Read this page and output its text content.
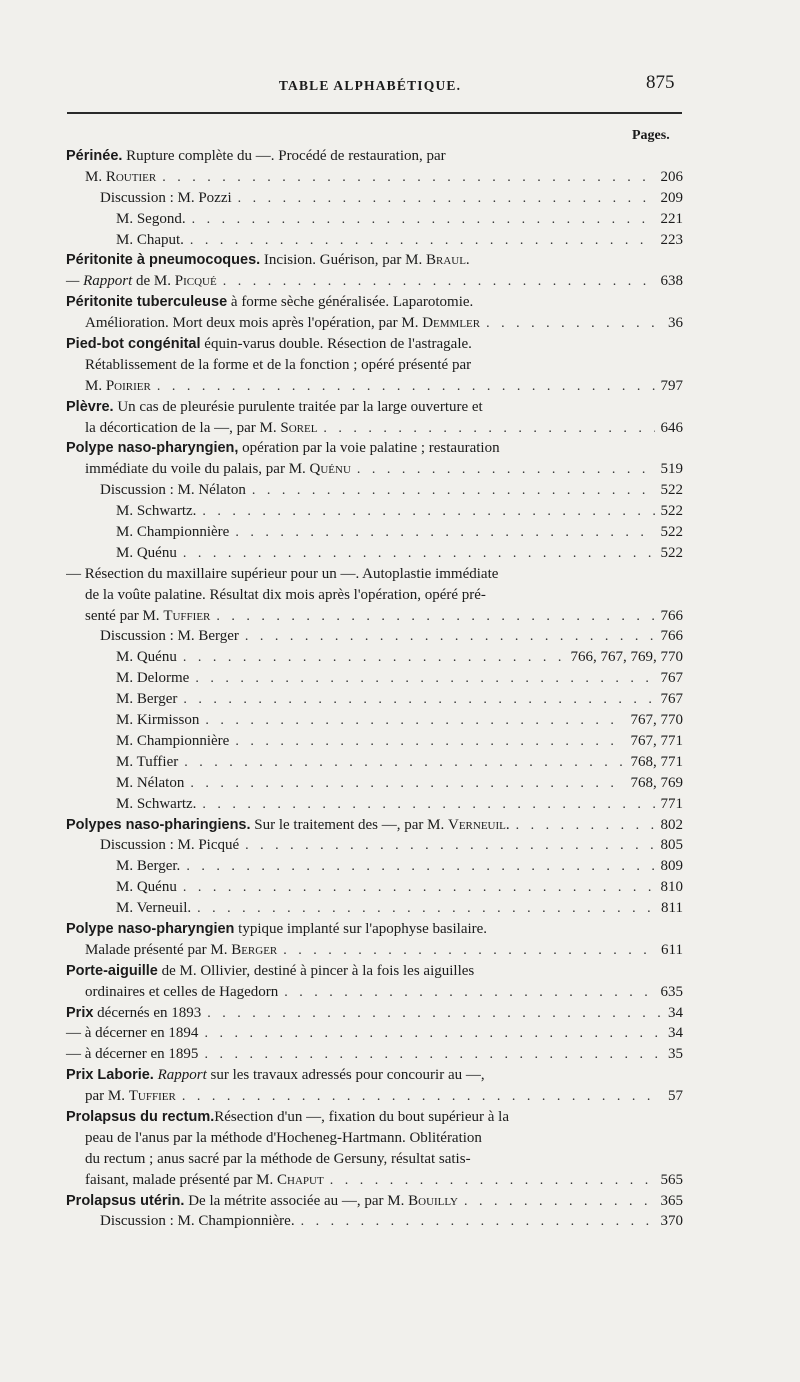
TABLE ALPHABÉTIQUE.	875
Pages.
Périnée. Rupture complète du —. Procédé de restauration, par
M. Routier . . .	206
Discussion : M. Pozzi . . .	209
M. Segond. . . .	221
M. Chaput. . . .	223
Péritonite à pneumocoques. Incision. Guérison, par M. Braul.
— Rapport de M. Picqué . . .	638
Péritonite tuberculeuse à forme sèche généralisée. Laparotomie.
Amélioration. Mort deux mois après l'opération, par M. Demmler . . .	36
Pied-bot congénital équin-varus double. Résection de l'astragale.
Rétablissement de la forme et de la fonction ; opéré présenté par
M. Poirier . . .	797
Plèvre. Un cas de pleurésie purulente traitée par la large ouverture et
la décortication de la —, par M. Sorel . . .	646
Polype naso-pharyngien, opération par la voie palatine ; restauration
immédiate du voile du palais, par M. Quénu . . .	519
Discussion : M. Nélaton . . .	522
M. Schwartz. . . .	522
M. Championnière . . .	522
M. Quénu . . .	522
— Résection du maxillaire supérieur pour un —. Autoplastie immédiate
de la voûte palatine. Résultat dix mois après l'opération, opéré pré-
senté par M. Tuffier . . .	766
Discussion : M. Berger . . .	766
M. Quénu . . .	766, 767, 769, 770
M. Delorme . . .	767
M. Berger . . .	767
M. Kirmisson . . .	767, 770
M. Championnière . . .	767, 771
M. Tuffier . . .	768, 771
M. Nélaton . . .	768, 769
M. Schwartz. . . .	771
Polypes naso-pharingiens. Sur le traitement des —, par M. Verneuil. . . .	802
Discussion : M. Picqué . . .	805
M. Berger. . . .	809
M. Quénu . . .	810
M. Verneuil. . . .	811
Polype naso-pharyngien typique implanté sur l'apophyse basilaire.
Malade présenté par M. Berger . . .	611
Porte-aiguille de M. Ollivier, destiné à pincer à la fois les aiguilles
ordinaires et celles de Hagedorn . . .	635
Prix décernés en 1893 . . .	34
— à décerner en 1894 . . .	34
— à décerner en 1895 . . .	35
Prix Laborie. Rapport sur les travaux adressés pour concourir au —,
par M. Tuffier . . .	57
Prolapsus du rectum.Résection d'un —, fixation du bout supérieur à la
peau de l'anus par la méthode d'Hocheneg-Hartmann. Oblitération
du rectum ; anus sacré par la méthode de Gersuny, résultat satis-
faisant, malade présenté par M. Chaput . . .	565
Prolapsus utérin. De la métrite associée au —, par M. Bouilly . . .	365
Discussion : M. Championnière. . . .	370
